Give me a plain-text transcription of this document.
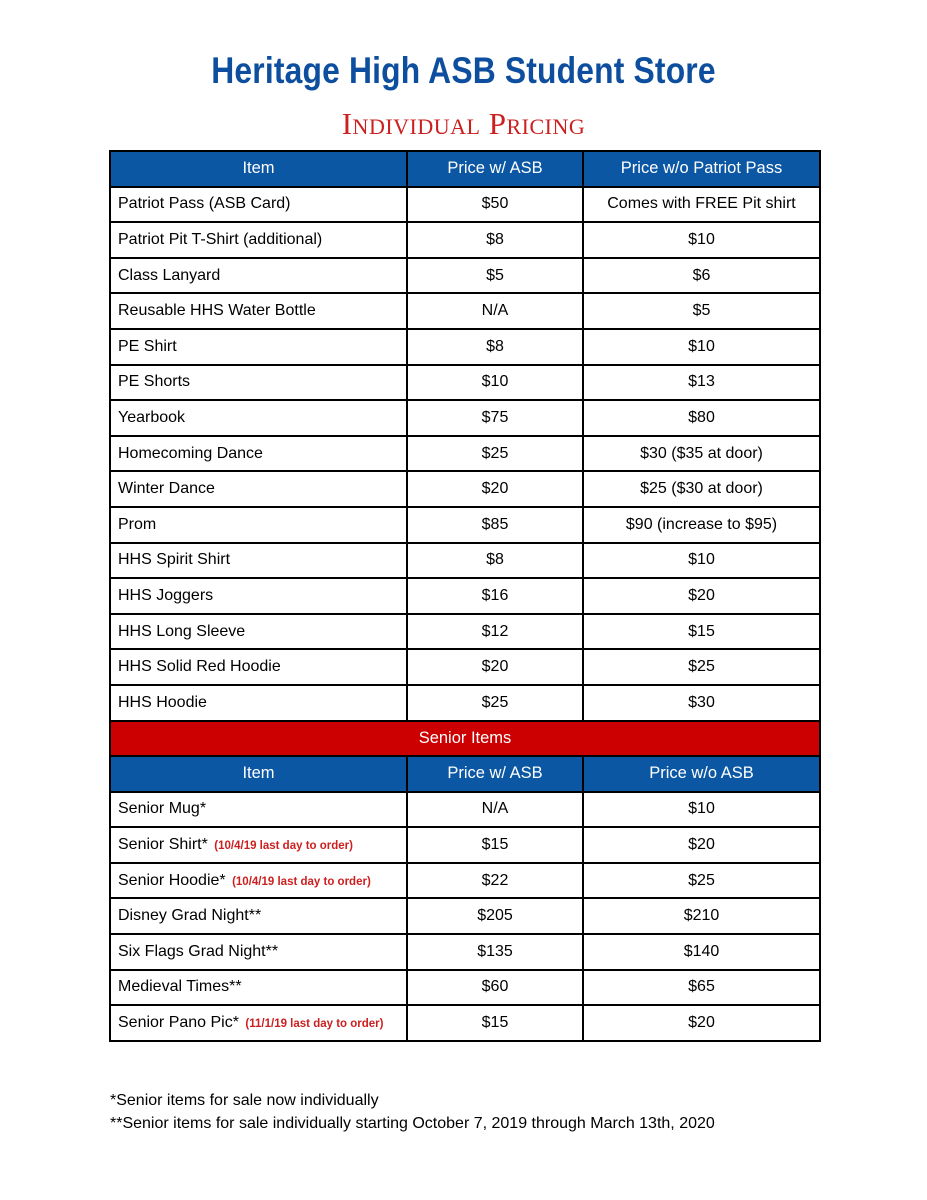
Heritage High ASB Student Store
Individual Pricing
Item	Price w/ ASB	Price w/o Patriot Pass
Patriot Pass (ASB Card)	$50	Comes with FREE Pit shirt
Patriot Pit T-Shirt (additional)	$8	$10
Class Lanyard	$5	$6
Reusable HHS Water Bottle	N/A	$5
PE Shirt	$8	$10
PE Shorts	$10	$13
Yearbook	$75	$80
Homecoming Dance	$25	$30 ($35 at door)
Winter Dance	$20	$25 ($30 at door)
Prom	$85	$90 (increase to $95)
HHS Spirit Shirt	$8	$10
HHS Joggers	$16	$20
HHS Long Sleeve	$12	$15
HHS Solid Red Hoodie	$20	$25
HHS Hoodie	$25	$30
Senior Items		
Item	Price w/ ASB	Price w/o ASB
Senior Mug*	N/A	$10
Senior Shirt* (10/4/19 last day to order)	$15	$20
Senior Hoodie* (10/4/19 last day to order)	$22	$25
Disney Grad Night**	$205	$210
Six Flags Grad Night**	$135	$140
Medieval Times**	$60	$65
Senior Pano Pic* (11/1/19 last day to order)	$15	$20
*Senior items for sale now individually
**Senior items for sale individually starting October 7, 2019 through March 13th, 2020
